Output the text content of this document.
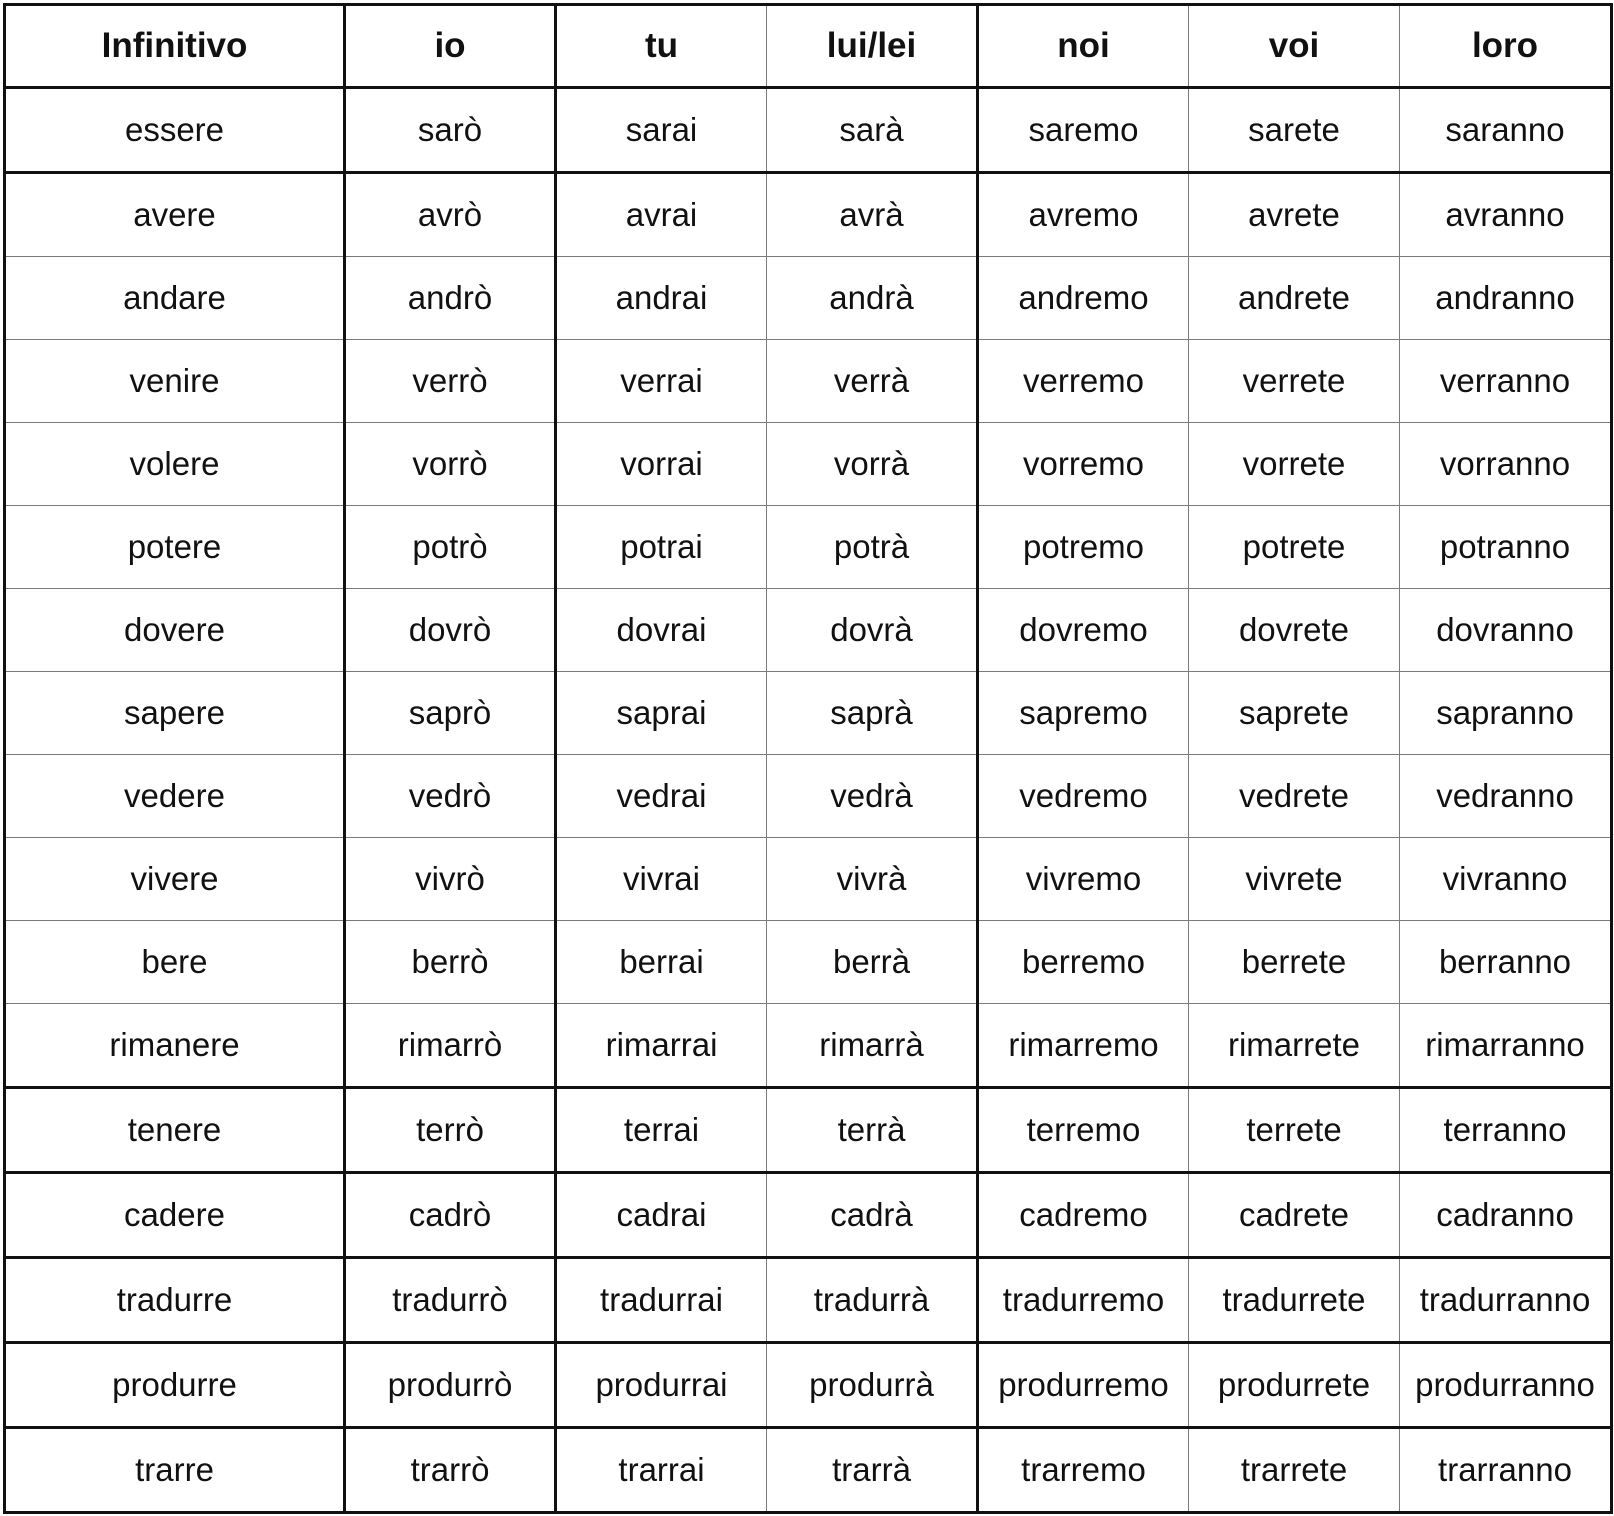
Infinitivo	io	tu	lui/lei	noi	voi	loro
essere	sarò	sarai	sarà	saremo	sarete	saranno
avere	avrò	avrai	avrà	avremo	avrete	avranno
andare	andrò	andrai	andrà	andremo	andrete	andranno
venire	verrò	verrai	verrà	verremo	verrete	verranno
volere	vorrò	vorrai	vorrà	vorremo	vorrete	vorranno
potere	potrò	potrai	potrà	potremo	potrete	potranno
dovere	dovrò	dovrai	dovrà	dovremo	dovrete	dovranno
sapere	saprò	saprai	saprà	sapremo	saprete	sapranno
vedere	vedrò	vedrai	vedrà	vedremo	vedrete	vedranno
vivere	vivrò	vivrai	vivrà	vivremo	vivrete	vivranno
bere	berrò	berrai	berrà	berremo	berrete	berranno
rimanere	rimarrò	rimarrai	rimarrà	rimarremo	rimarrete	rimarranno
tenere	terrò	terrai	terrà	terremo	terrete	terranno
cadere	cadrò	cadrai	cadrà	cadremo	cadrete	cadranno
tradurre	tradurrò	tradurrai	tradurrà	tradurremo	tradurrete	tradurranno
produrre	produrrò	produrrai	produrrà	produrremo	produrrete	produrranno
trarre	trarrò	trarrai	trarrà	trarremo	trarrete	trarranno
